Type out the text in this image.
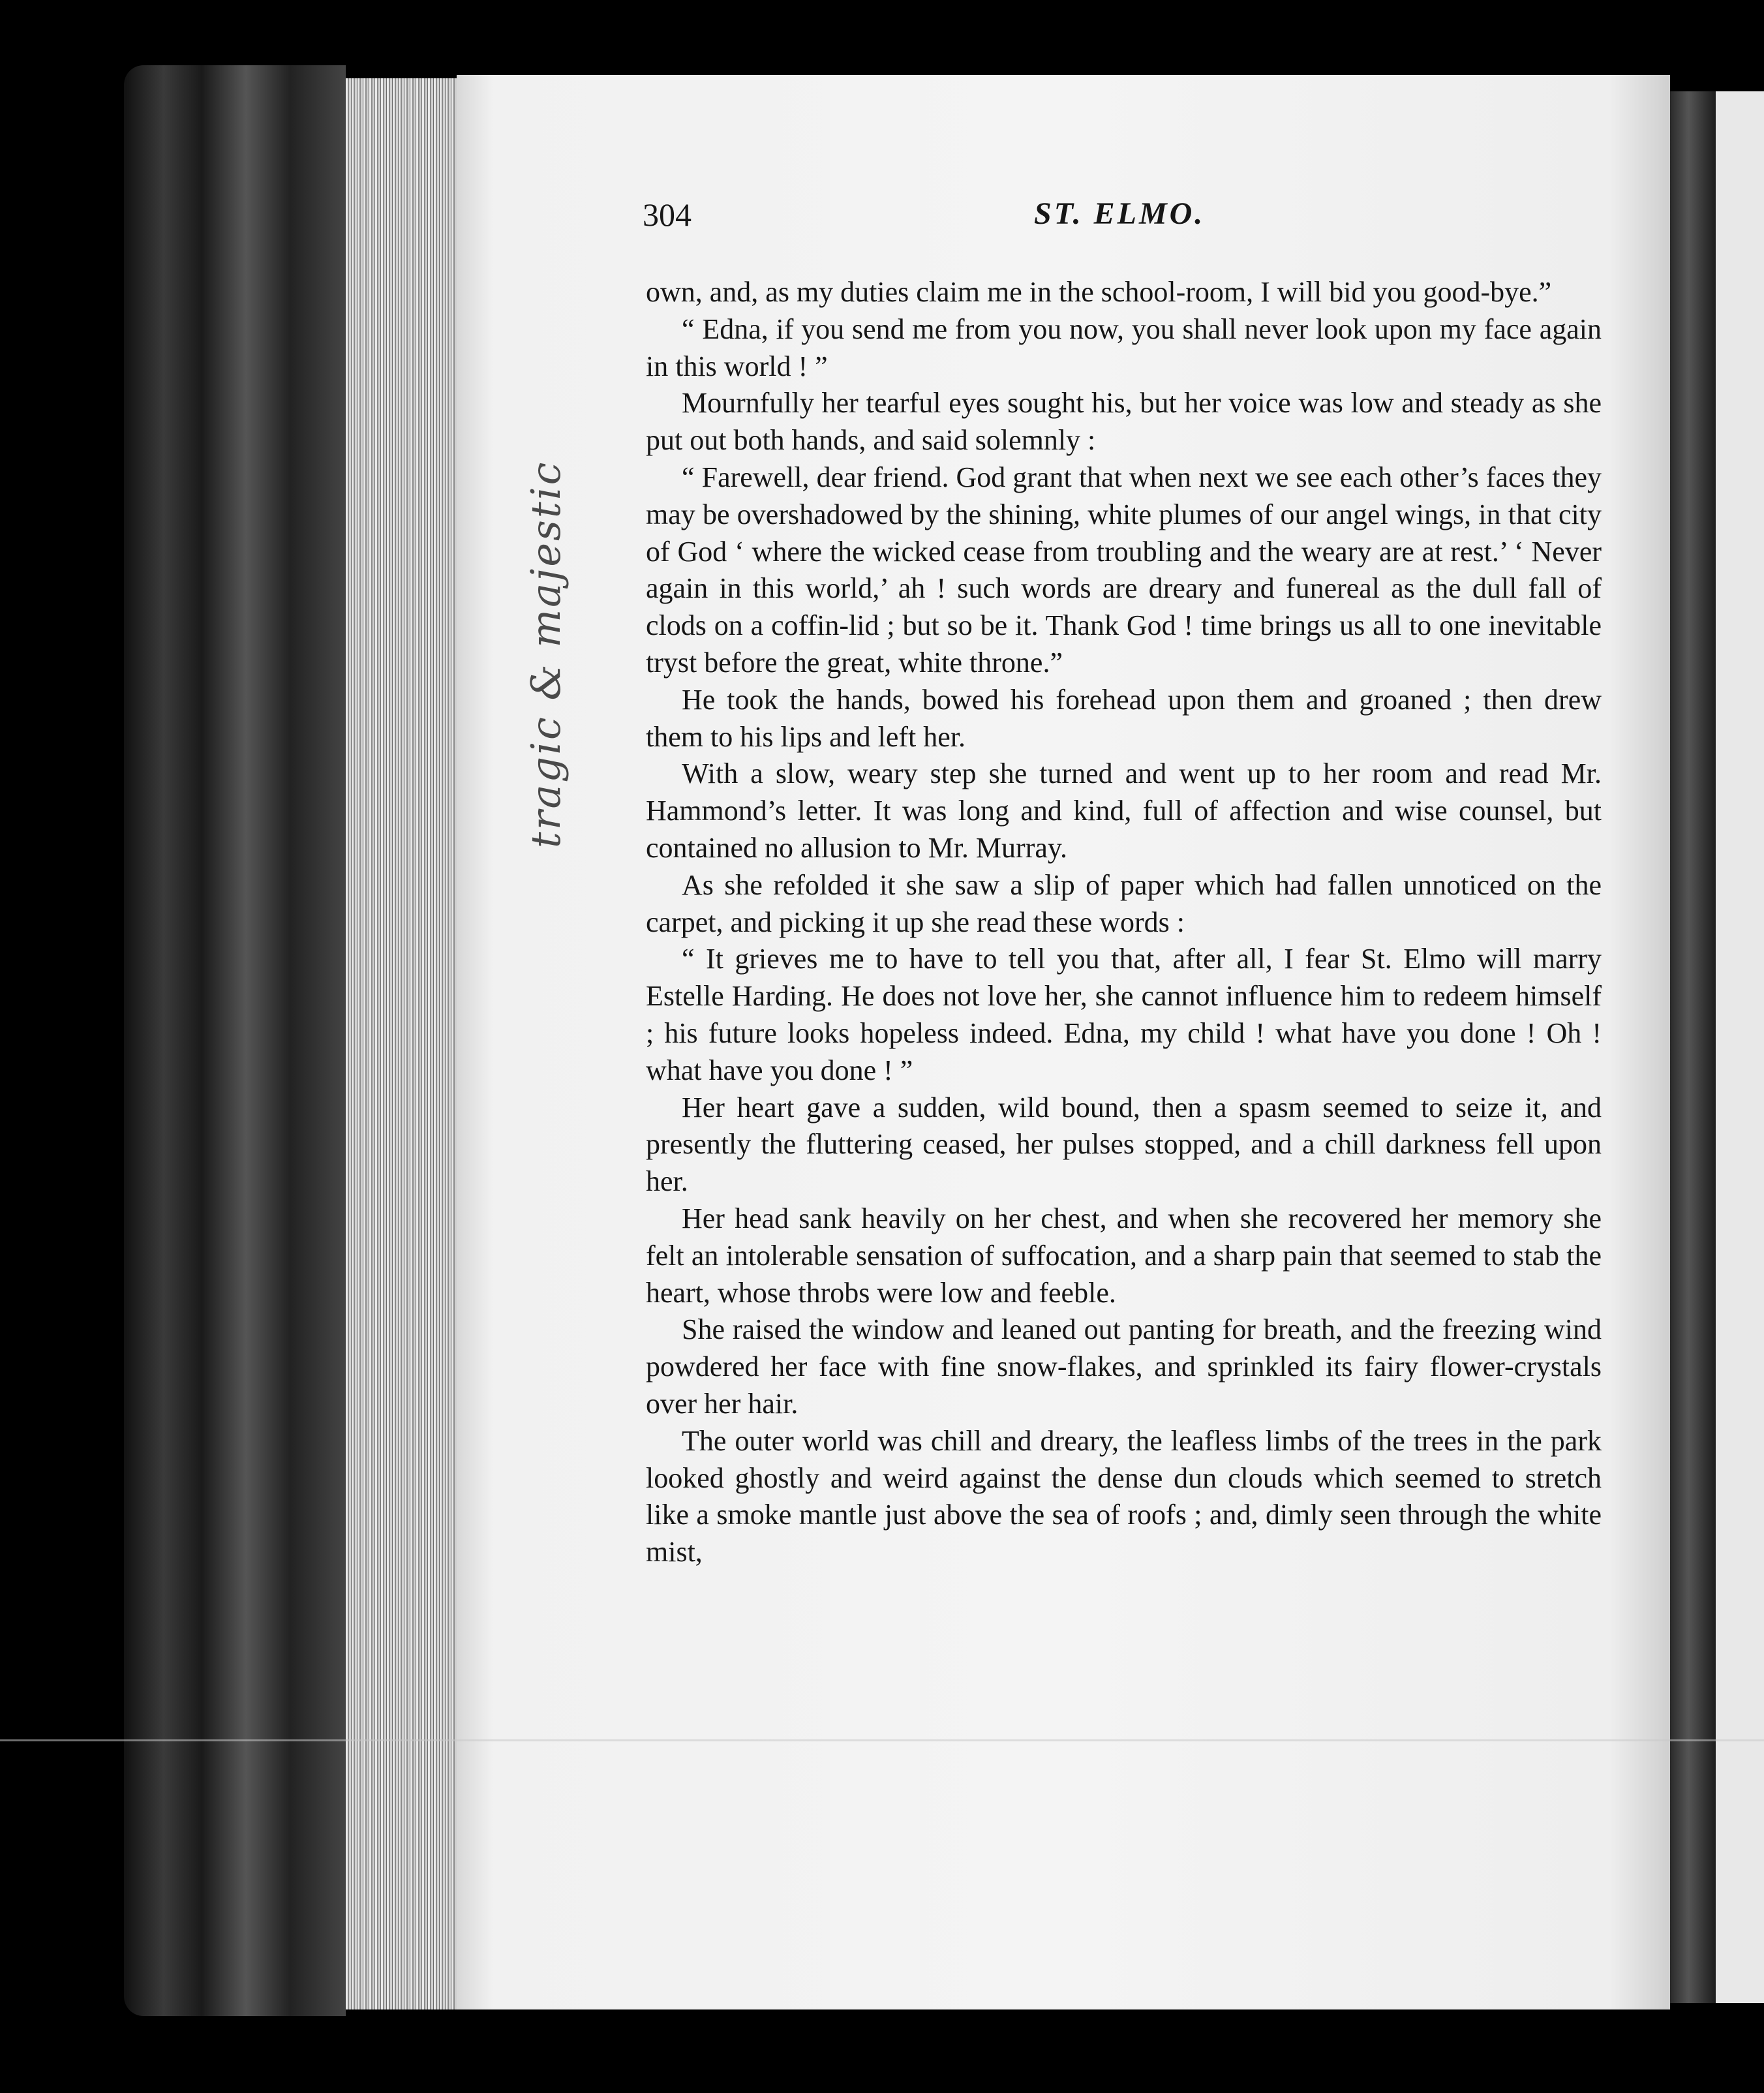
304	ST. ELMO.
tragic & majestic

own, and, as my duties claim me in the school-room, I will bid you good-bye.”

“ Edna, if you send me from you now, you shall never look upon my face again in this world ! ”

Mournfully her tearful eyes sought his, but her voice was low and steady as she put out both hands, and said solemnly :

“ Farewell, dear friend. God grant that when next we see each other’s faces they may be overshadowed by the shining, white plumes of our angel wings, in that city of God ‘ where the wicked cease from troubling and the weary are at rest.’ ‘ Never again in this world,’ ah ! such words are dreary and funereal as the dull fall of clods on a coffin-lid ; but so be it. Thank God ! time brings us all to one inevitable tryst before the great, white throne.”

He took the hands, bowed his forehead upon them and groaned ; then drew them to his lips and left her.

With a slow, weary step she turned and went up to her room and read Mr. Hammond’s letter. It was long and kind, full of affection and wise counsel, but contained no allusion to Mr. Murray.

As she refolded it she saw a slip of paper which had fallen unnoticed on the carpet, and picking it up she read these words :

“ It grieves me to have to tell you that, after all, I fear St. Elmo will marry Estelle Harding. He does not love her, she cannot influence him to redeem himself ; his future looks hopeless indeed. Edna, my child ! what have you done ! Oh ! what have you done ! ”

Her heart gave a sudden, wild bound, then a spasm seemed to seize it, and presently the fluttering ceased, her pulses stopped, and a chill darkness fell upon her.

Her head sank heavily on her chest, and when she recovered her memory she felt an intolerable sensation of suffocation, and a sharp pain that seemed to stab the heart, whose throbs were low and feeble.

She raised the window and leaned out panting for breath, and the freezing wind powdered her face with fine snow-flakes, and sprinkled its fairy flower-crystals over her hair.

The outer world was chill and dreary, the leafless limbs of the trees in the park looked ghostly and weird against the dense dun clouds which seemed to stretch like a smoke mantle just above the sea of roofs ; and, dimly seen through the white mist,
